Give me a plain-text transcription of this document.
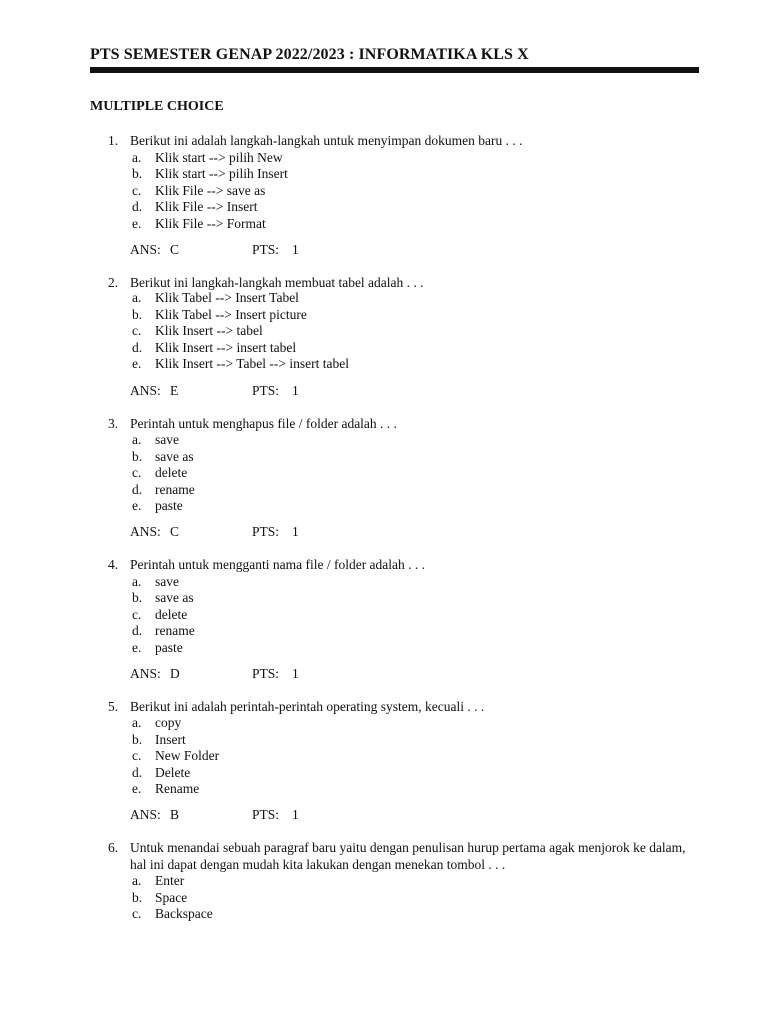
PTS SEMESTER GENAP 2022/2023 : INFORMATIKA KLS X
MULTIPLE CHOICE
1. Berikut ini adalah langkah-langkah untuk menyimpan dokumen baru . . .
a. Klik start --> pilih New
b. Klik start --> pilih Insert
c. Klik File --> save as
d. Klik File --> Insert
e. Klik File --> Format
ANS: C	PTS: 1
2. Berikut ini langkah-langkah membuat tabel adalah . . .
a. Klik Tabel --> Insert Tabel
b. Klik Tabel --> Insert picture
c. Klik Insert --> tabel
d. Klik Insert --> insert tabel
e. Klik Insert --> Tabel --> insert tabel
ANS: E	PTS: 1
3. Perintah untuk menghapus file / folder adalah . . .
a. save
b. save as
c. delete
d. rename
e. paste
ANS: C	PTS: 1
4. Perintah untuk mengganti nama file / folder adalah . . .
a. save
b. save as
c. delete
d. rename
e. paste
ANS: D	PTS: 1
5. Berikut ini adalah perintah-perintah operating system, kecuali . . .
a. copy
b. Insert
c. New Folder
d. Delete
e. Rename
ANS: B	PTS: 1
6. Untuk menandai sebuah paragraf baru yaitu dengan penulisan hurup pertama agak menjorok ke dalam, hal ini dapat dengan mudah kita lakukan dengan menekan tombol . . .
a. Enter
b. Space
c. Backspace
